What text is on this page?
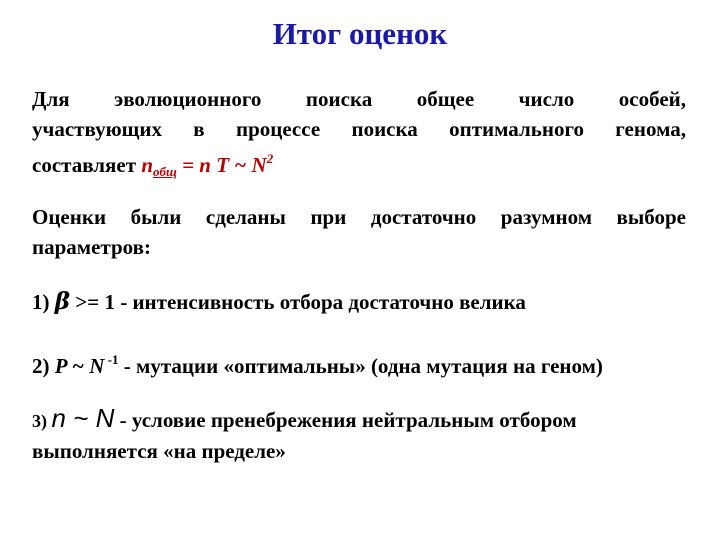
Итог оценок
Для эволюционного поиска общее число особей,
участвующих в процессе поиска оптимального генома,
составляет $n_{общ} = n$ T ~ $N^2$
Оценки были сделаны при достаточно разумном выборе
параметров:
1) β >= 1 - интенсивность отбора достаточно велика
2) P ~ N $^{-1}$ - мутации «оптимальны» (одна мутация на геном)
3) n ~ N - условие пренебрежения нейтральным отбором
выполняется «на пределе»
